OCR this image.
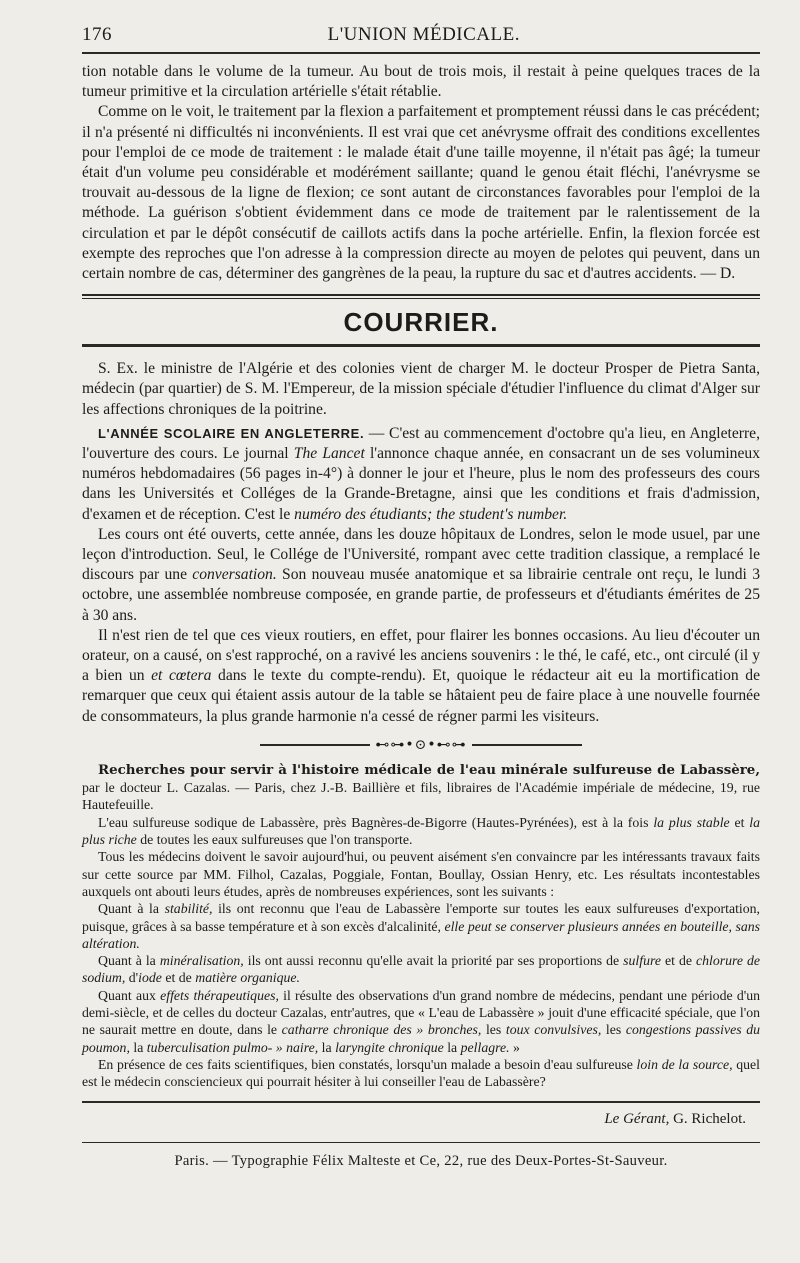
176	L'UNION MÉDICALE.

tion notable dans le volume de la tumeur. Au bout de trois mois, il restait à peine quelques traces de la tumeur primitive et la circulation artérielle s'était rétablie.

Comme on le voit, le traitement par la flexion a parfaitement et promptement réussi dans le cas précédent; il n'a présenté ni difficultés ni inconvénients. Il est vrai que cet anévrysme offrait des conditions excellentes pour l'emploi de ce mode de traitement : le malade était d'une taille moyenne, il n'était pas âgé; la tumeur était d'un volume peu considérable et modérément saillante; quand le genou était fléchi, l'anévrysme se trouvait au-dessous de la ligne de flexion; ce sont autant de circonstances favorables pour l'emploi de la méthode. La guérison s'obtient évidemment dans ce mode de traitement par le ralentissement de la circulation et par le dépôt consécutif de caillots actifs dans la poche artérielle. Enfin, la flexion forcée est exempte des reproches que l'on adresse à la compression directe au moyen de pelotes qui peuvent, dans un certain nombre de cas, déterminer des gangrènes de la peau, la rupture du sac et d'autres accidents. — D.

COURRIER.

S. Ex. le ministre de l'Algérie et des colonies vient de charger M. le docteur Prosper de Pietra Santa, médecin (par quartier) de S. M. l'Empereur, de la mission spéciale d'étudier l'influence du climat d'Alger sur les affections chroniques de la poitrine.

L'ANNÉE SCOLAIRE EN ANGLETERRE. — C'est au commencement d'octobre qu'a lieu, en Angleterre, l'ouverture des cours. Le journal The Lancet l'annonce chaque année, en consacrant un de ses volumineux numéros hebdomadaires (56 pages in-4°) à donner le jour et l'heure, plus le nom des professeurs des cours dans les Universités et Colléges de la Grande-Bretagne, ainsi que les conditions et frais d'admission, d'examen et de réception. C'est le numéro des étudiants; the student's number.

Les cours ont été ouverts, cette année, dans les douze hôpitaux de Londres, selon le mode usuel, par une leçon d'introduction. Seul, le Collége de l'Université, rompant avec cette tradition classique, a remplacé le discours par une conversation. Son nouveau musée anatomique et sa librairie centrale ont reçu, le lundi 3 octobre, une assemblée nombreuse composée, en grande partie, de professeurs et d'étudiants émérites de 25 à 30 ans.

Il n'est rien de tel que ces vieux routiers, en effet, pour flairer les bonnes occasions. Au lieu d'écouter un orateur, on a causé, on s'est rapproché, on a ravivé les anciens souvenirs : le thé, le café, etc., ont circulé (il y a bien un et cœtera dans le texte du compte-rendu). Et, quoique le rédacteur ait eu la mortification de remarquer que ceux qui étaient assis autour de la table se hâtaient peu de faire place à une nouvelle fournée de consommateurs, la plus grande harmonie n'a cessé de régner parmi les visiteurs.

⊷⊶•⊙•⊷⊶

Recherches pour servir à l'histoire médicale de l'eau minérale sulfureuse de Labassère, par le docteur L. Cazalas. — Paris, chez J.-B. Baillière et fils, libraires de l'Académie impériale de médecine, 19, rue Hautefeuille.

L'eau sulfureuse sodique de Labassère, près Bagnères-de-Bigorre (Hautes-Pyrénées), est à la fois la plus stable et la plus riche de toutes les eaux sulfureuses que l'on transporte.

Tous les médecins doivent le savoir aujourd'hui, ou peuvent aisément s'en convaincre par les intéressants travaux faits sur cette source par MM. Filhol, Cazalas, Poggiale, Fontan, Boullay, Ossian Henry, etc. Les résultats incontestables auxquels ont abouti leurs études, après de nombreuses expériences, sont les suivants :

Quant à la stabilité, ils ont reconnu que l'eau de Labassère l'emporte sur toutes les eaux sulfureuses d'exportation, puisque, grâces à sa basse température et à son excès d'alcalinité, elle peut se conserver plusieurs années en bouteille, sans altération.

Quant à la minéralisation, ils ont aussi reconnu qu'elle avait la priorité par ses proportions de sulfure et de chlorure de sodium, d'iode et de matière organique.

Quant aux effets thérapeutiques, il résulte des observations d'un grand nombre de médecins, pendant une période d'un demi-siècle, et de celles du docteur Cazalas, entr'autres, que « L'eau de Labassère » jouit d'une efficacité spéciale, que l'on ne saurait mettre en doute, dans le catharre chronique des » bronches, les toux convulsives, les congestions passives du poumon, la tuberculisation pulmo- » naire, la laryngite chronique la pellagre. »

En présence de ces faits scientifiques, bien constatés, lorsqu'un malade a besoin d'eau sulfureuse loin de la source, quel est le médecin consciencieux qui pourrait hésiter à lui conseiller l'eau de Labassère?

Le Gérant, G. Richelot.
Paris. — Typographie Félix Malteste et Ce, 22, rue des Deux-Portes-St-Sauveur.
